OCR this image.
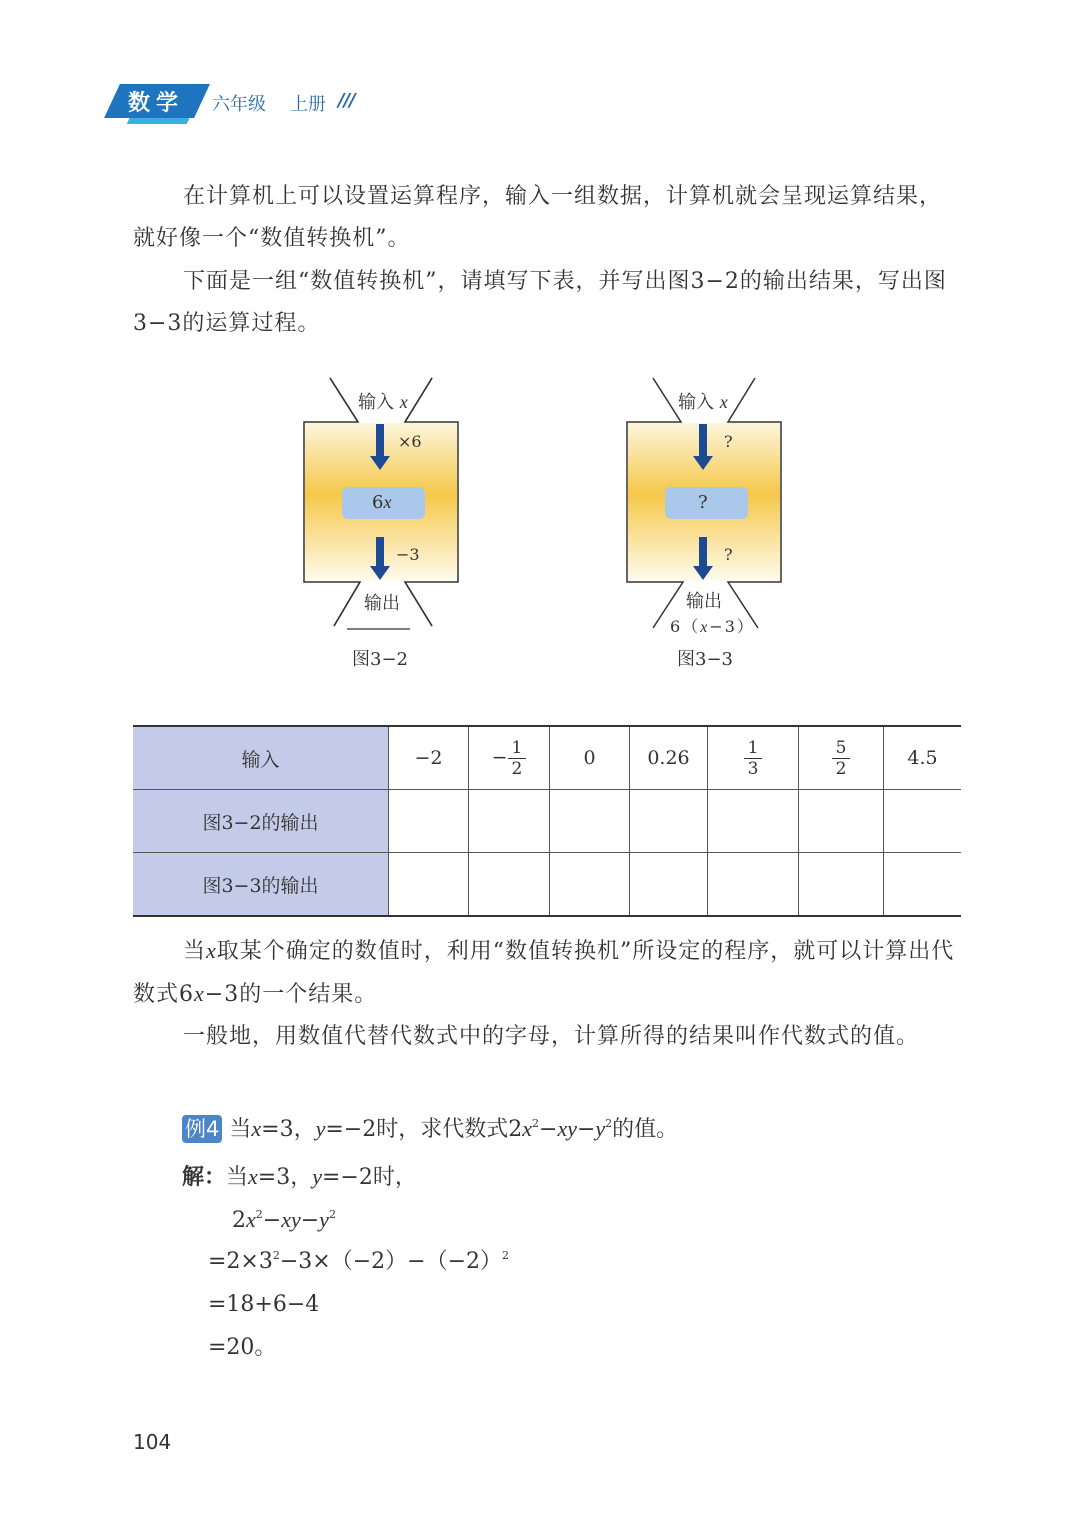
数学 六年级 上册 ///
在计算机上可以设置运算程序，输入一组数据，计算机就会呈现运算结果，就好像一个“数值转换机”。
下面是一组“数值转换机”，请填写下表，并写出图3−2的输出结果，写出图3−3的运算过程。
输入 x
×6
6x
−3
输出
图3−2
输入 x
?
?
?
输出
6（x−3）
图3−3
输入	−2	− $\frac{1}{2}$	0	0.26	$\frac{1}{3}$	$\frac{5}{2}$	4.5
图3−2的输出							
图3−3的输出							
当x取某个确定的数值时，利用“数值转换机”所设定的程序，就可以计算出代数式6x−3的一个结果。
一般地，用数值代替代数式中的字母，计算所得的结果叫作代数式的值。
例4 当x=3，y=−2时，求代数式$2x^2-xy-y^2$的值。
解：当x=3，y=−2时，
$2x^2-xy-y^2$
$=2\times 3^2-3\times(-2)-(-2)^2$
=18+6−4
=20。
104
